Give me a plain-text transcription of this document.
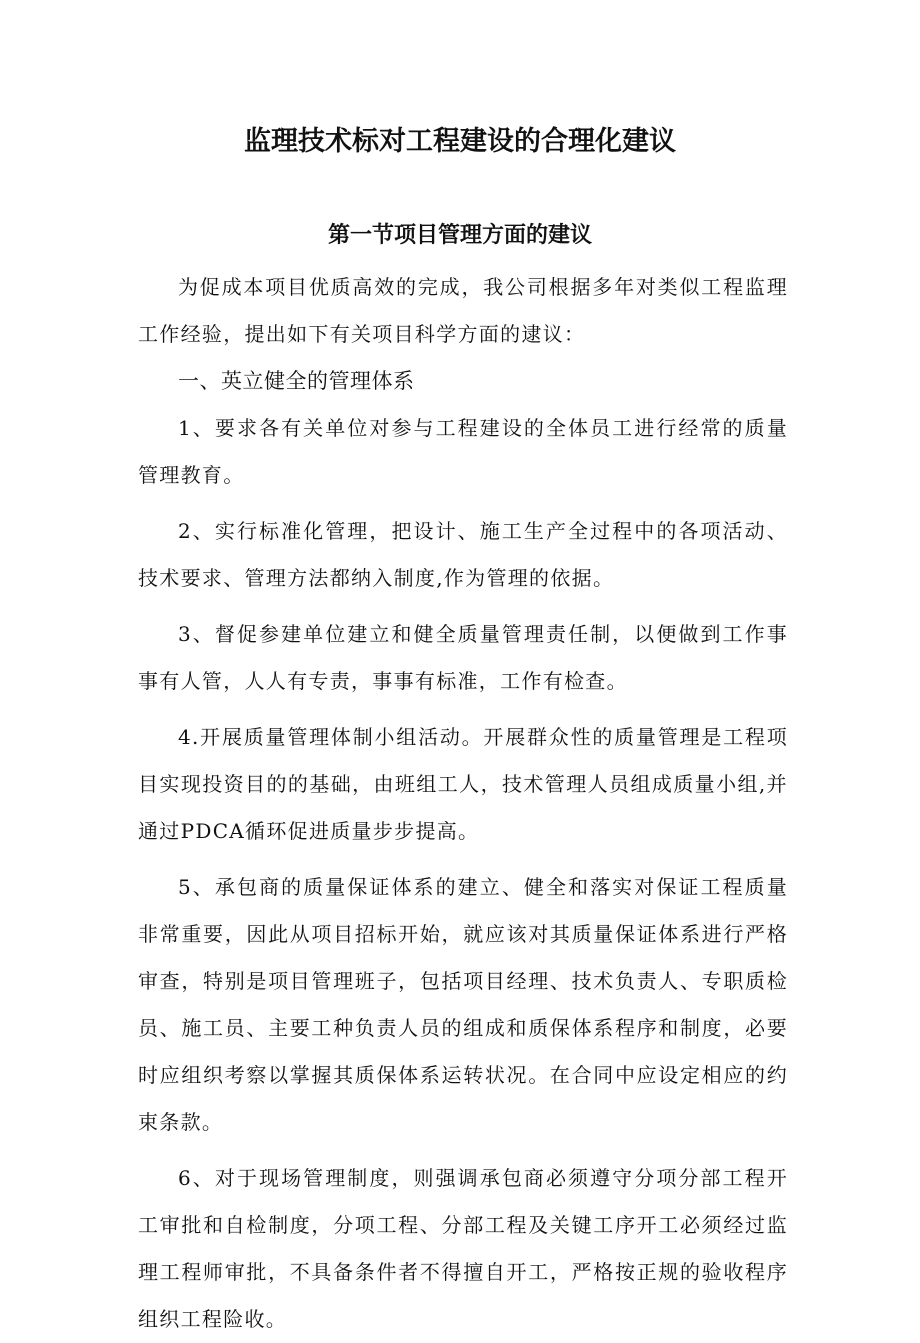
监理技术标对工程建设的合理化建议
第一节项目管理方面的建议

为促成本项目优质高效的完成，我公司根据多年对类似工程监理工作经验，提出如下有关项目科学方面的逮议：

一、英立健全的管理体系

1、要求各有关单位对参与工程建设的全体员工进行经常的质量管理教育。

2、实行标准化管理，把设计、施工生产全过程中的各项活动、技术要求、管理方法都纳入制度,作为管理的依据。

3、督促参建单位建立和健全质量管理责任制，以便做到工作事事有人管，人人有专责，事事有标准，工作有检查。

4.开展质量管理体制小组活动。开展群众性的质量管理是工程项目实现投资目的的基础，由班组工人，技术管理人员组成质量小组,并通过PDCA循环促进质量步步提高。

5、承包商的质量保证体系的建立、健全和落实对保证工程质量非常重要，因此从项目招标开始，就应该对其质量保证体系进行严格审查，特别是项目管理班子，包括项目经理、技术负责人、专职质检员、施工员、主要工种负责人员的组成和质保体系程序和制度，必要时应组织考察以掌握其质保体系运转状况。在合同中应设定相应的约束条款。

6、对于现场管理制度，则强调承包商必须遵守分项分部工程开工审批和自检制度，分项工程、分部工程及关键工序开工必须经过监理工程师审批，不具备条件者不得擅自开工，严格按正规的验收程序组织工程险收。
